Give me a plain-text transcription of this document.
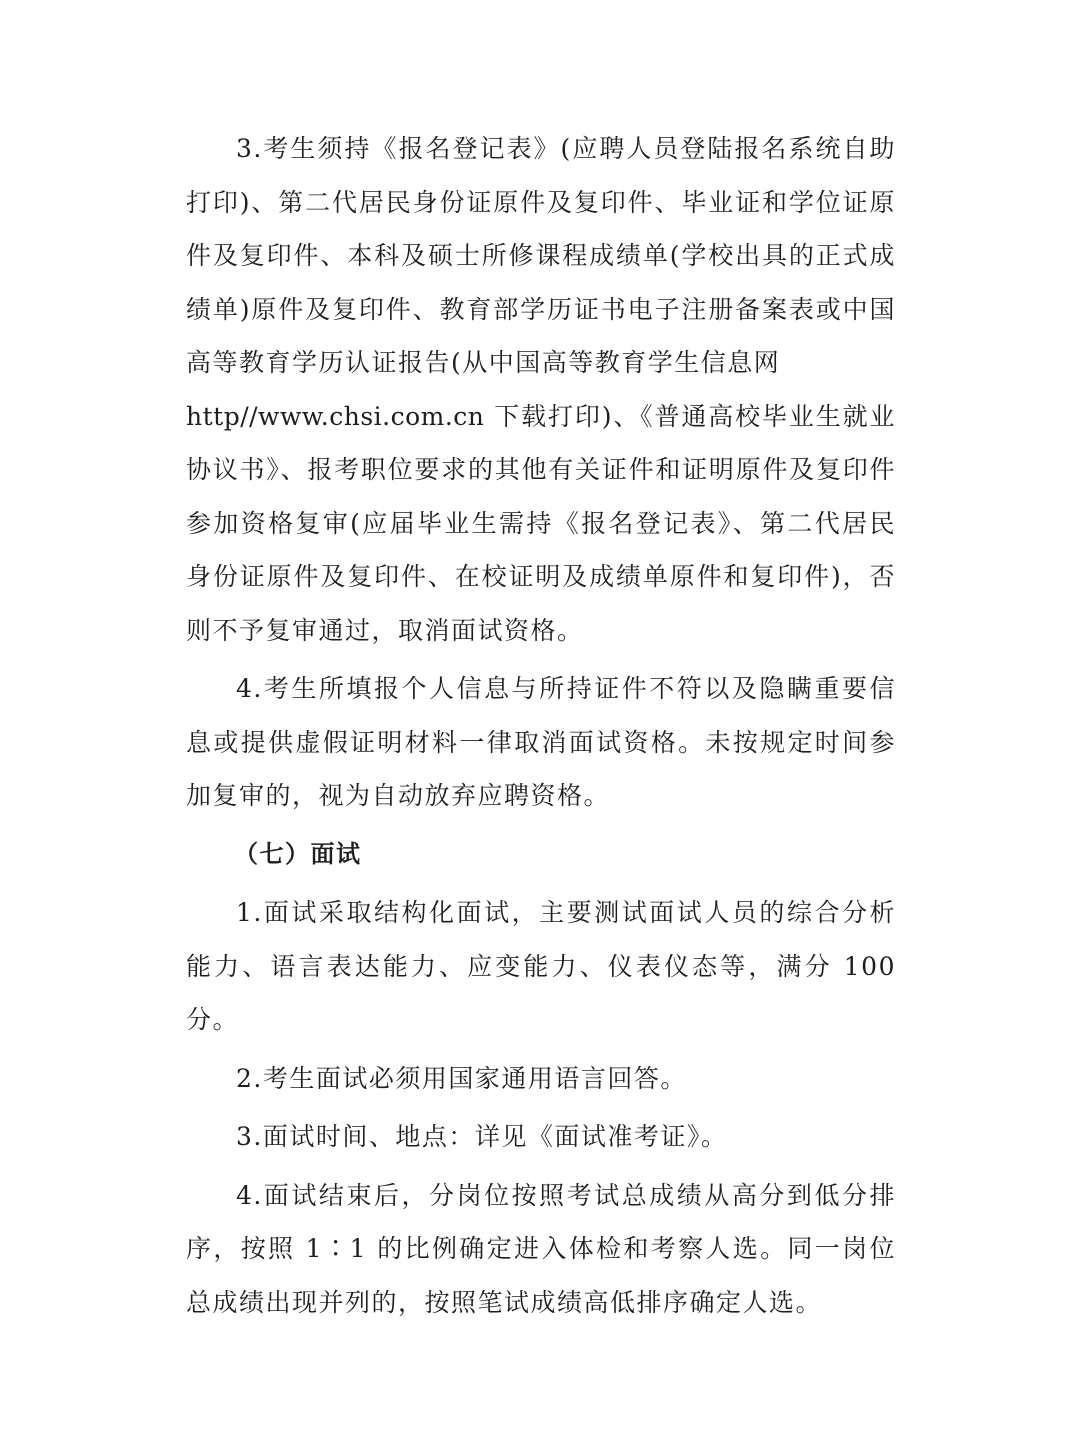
3.考生须持《报名登记表》(应聘人员登陆报名系统自助打印)、第二代居民身份证原件及复印件、毕业证和学位证原件及复印件、本科及硕士所修课程成绩单(学校出具的正式成绩单)原件及复印件、教育部学历证书电子注册备案表或中国高等教育学历认证报告(从中国高等教育学生信息网
http//www.chsi.com.cn 下载打印)、《普通高校毕业生就业协议书》、报考职位要求的其他有关证件和证明原件及复印件参加资格复审(应届毕业生需持《报名登记表》、第二代居民身份证原件及复印件、在校证明及成绩单原件和复印件)，否则不予复审通过，取消面试资格。

4.考生所填报个人信息与所持证件不符以及隐瞒重要信息或提供虚假证明材料一律取消面试资格。未按规定时间参加复审的，视为自动放弃应聘资格。

（七）面试

1.面试采取结构化面试，主要测试面试人员的综合分析能力、语言表达能力、应变能力、仪表仪态等，满分 100 分。

2.考生面试必须用国家通用语言回答。

3.面试时间、地点：详见《面试准考证》。

4.面试结束后，分岗位按照考试总成绩从高分到低分排序，按照 1∶1 的比例确定进入体检和考察人选。同一岗位总成绩出现并列的，按照笔试成绩高低排序确定人选。
